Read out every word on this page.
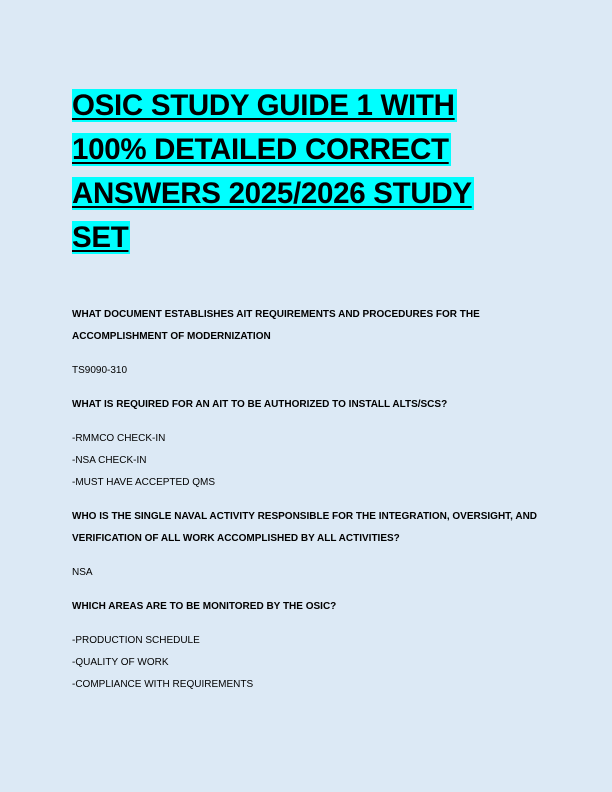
OSIC STUDY GUIDE 1 WITH
100% DETAILED CORRECT
ANSWERS 2025/2026 STUDY
SET

WHAT DOCUMENT ESTABLISHES AIT REQUIREMENTS AND PROCEDURES FOR THE ACCOMPLISHMENT OF MODERNIZATION

TS9090-310

WHAT IS REQUIRED FOR AN AIT TO BE AUTHORIZED TO INSTALL ALTS/SCS?

-RMMCO CHECK-IN

-NSA CHECK-IN

-MUST HAVE ACCEPTED QMS

WHO IS THE SINGLE NAVAL ACTIVITY RESPONSIBLE FOR THE INTEGRATION, OVERSIGHT, AND VERIFICATION OF ALL WORK ACCOMPLISHED BY ALL ACTIVITIES?

NSA

WHICH AREAS ARE TO BE MONITORED BY THE OSIC?

-PRODUCTION SCHEDULE

-QUALITY OF WORK

-COMPLIANCE WITH REQUIREMENTS
